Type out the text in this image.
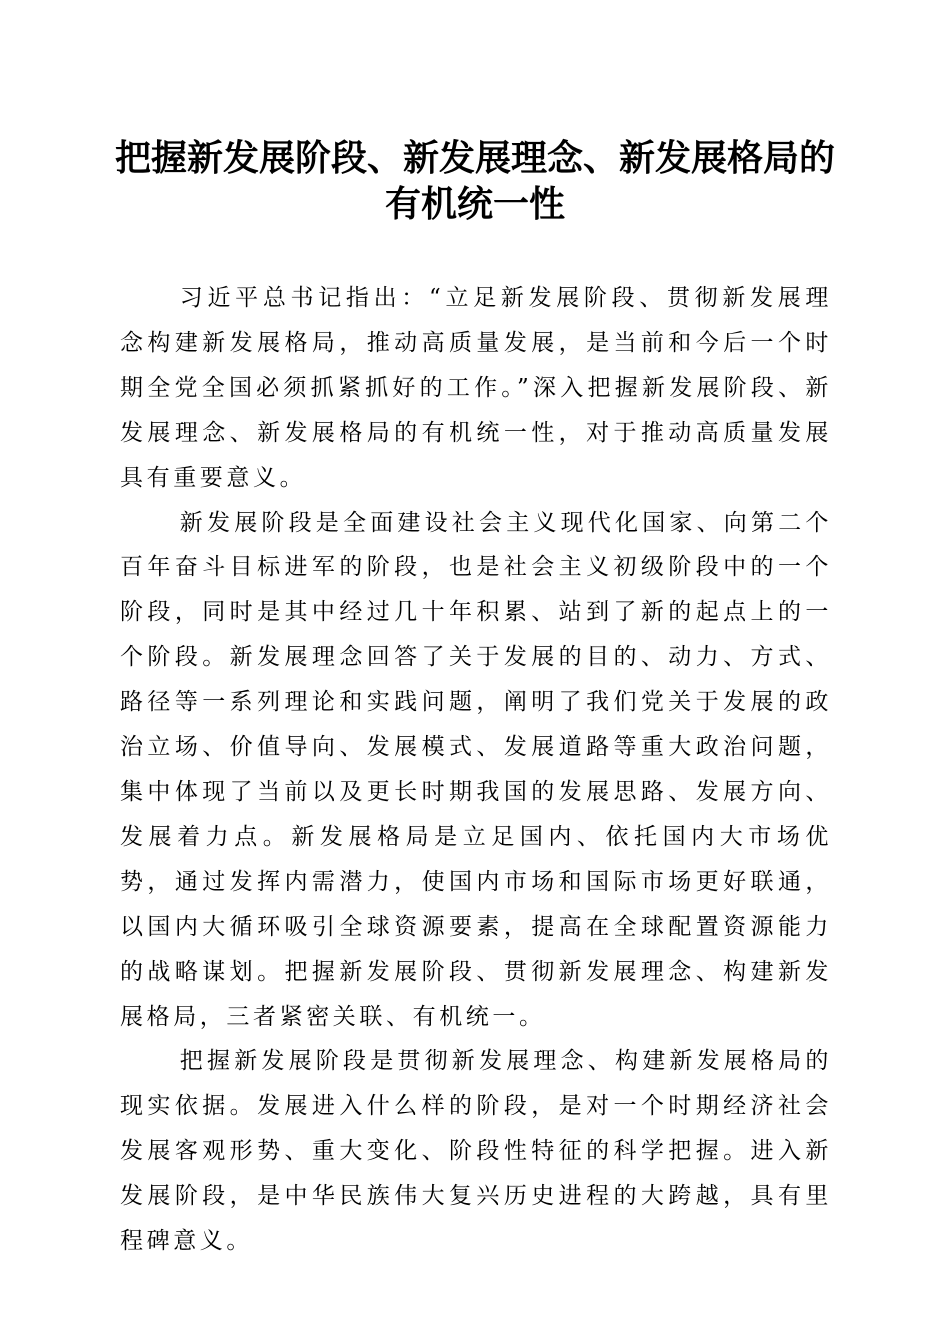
把握新发展阶段、新发展理念、新发展格局的
有机统一性

习近平总书记指出：“立足新发展阶段、贯彻新发展理念构建新发展格局，推动高质量发展，是当前和今后一个时期全党全国必须抓紧抓好的工作。”深入把握新发展阶段、新发展理念、新发展格局的有机统一性，对于推动高质量发展具有重要意义。

新发展阶段是全面建设社会主义现代化国家、向第二个百年奋斗目标进军的阶段，也是社会主义初级阶段中的一个阶段，同时是其中经过几十年积累、站到了新的起点上的一个阶段。新发展理念回答了关于发展的目的、动力、方式、路径等一系列理论和实践问题，阐明了我们党关于发展的政治立场、价值导向、发展模式、发展道路等重大政治问题，集中体现了当前以及更长时期我国的发展思路、发展方向、发展着力点。新发展格局是立足国内、依托国内大市场优势，通过发挥内需潜力，使国内市场和国际市场更好联通，以国内大循环吸引全球资源要素，提高在全球配置资源能力的战略谋划。把握新发展阶段、贯彻新发展理念、构建新发展格局，三者紧密关联、有机统一。

把握新发展阶段是贯彻新发展理念、构建新发展格局的现实依据。发展进入什么样的阶段，是对一个时期经济社会发展客观形势、重大变化、阶段性特征的科学把握。进入新发展阶段，是中华民族伟大复兴历史进程的大跨越，具有里程碑意义。
